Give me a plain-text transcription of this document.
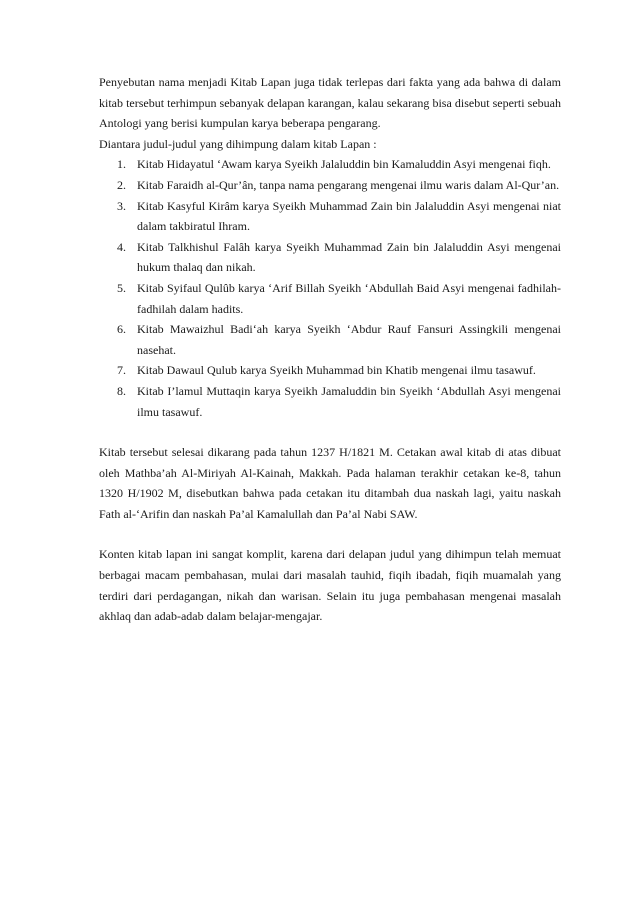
Penyebutan nama menjadi Kitab Lapan juga tidak terlepas dari fakta yang ada bahwa di dalam kitab tersebut terhimpun sebanyak delapan karangan, kalau sekarang bisa disebut seperti sebuah Antologi yang berisi kumpulan karya beberapa pengarang.

Diantara judul-judul yang dihimpung dalam kitab Lapan :
1. Kitab Hidayatul ‘Awam karya Syeikh Jalaluddin bin Kamaluddin Asyi mengenai fiqh.
2. Kitab Faraidh al-Qur’ân, tanpa nama pengarang mengenai ilmu waris dalam Al-Qur’an.
3. Kitab Kasyful Kirâm karya Syeikh Muhammad Zain bin Jalaluddin Asyi mengenai niat dalam takbiratul Ihram.
4. Kitab Talkhishul Falâh karya Syeikh Muhammad Zain bin Jalaluddin Asyi mengenai hukum thalaq dan nikah.
5. Kitab Syifaul Qulûb karya ‘Arif Billah Syeikh ‘Abdullah Baid Asyi mengenai fadhilah-fadhilah dalam hadits.
6. Kitab Mawaizhul Badi‘ah karya Syeikh ‘Abdur Rauf Fansuri Assingkili mengenai nasehat.
7. Kitab Dawaul Qulub karya Syeikh Muhammad bin Khatib mengenai ilmu tasawuf.
8. Kitab I’lamul Muttaqin karya Syeikh Jamaluddin bin Syeikh ‘Abdullah Asyi mengenai ilmu tasawuf.

Kitab tersebut selesai dikarang pada tahun 1237 H/1821 M. Cetakan awal kitab di atas dibuat oleh Mathba’ah Al-Miriyah Al-Kainah, Makkah. Pada halaman terakhir cetakan ke-8, tahun 1320 H/1902 M, disebutkan bahwa pada cetakan itu ditambah dua naskah lagi, yaitu naskah Fath al-‘Arifin dan naskah Pa’al Kamalullah dan Pa’al Nabi SAW.

Konten kitab lapan ini sangat komplit, karena dari delapan judul yang dihimpun telah memuat berbagai macam pembahasan, mulai dari masalah tauhid, fiqih ibadah, fiqih muamalah yang terdiri dari perdagangan, nikah dan warisan. Selain itu juga pembahasan mengenai masalah akhlaq dan adab-adab dalam belajar-mengajar.
